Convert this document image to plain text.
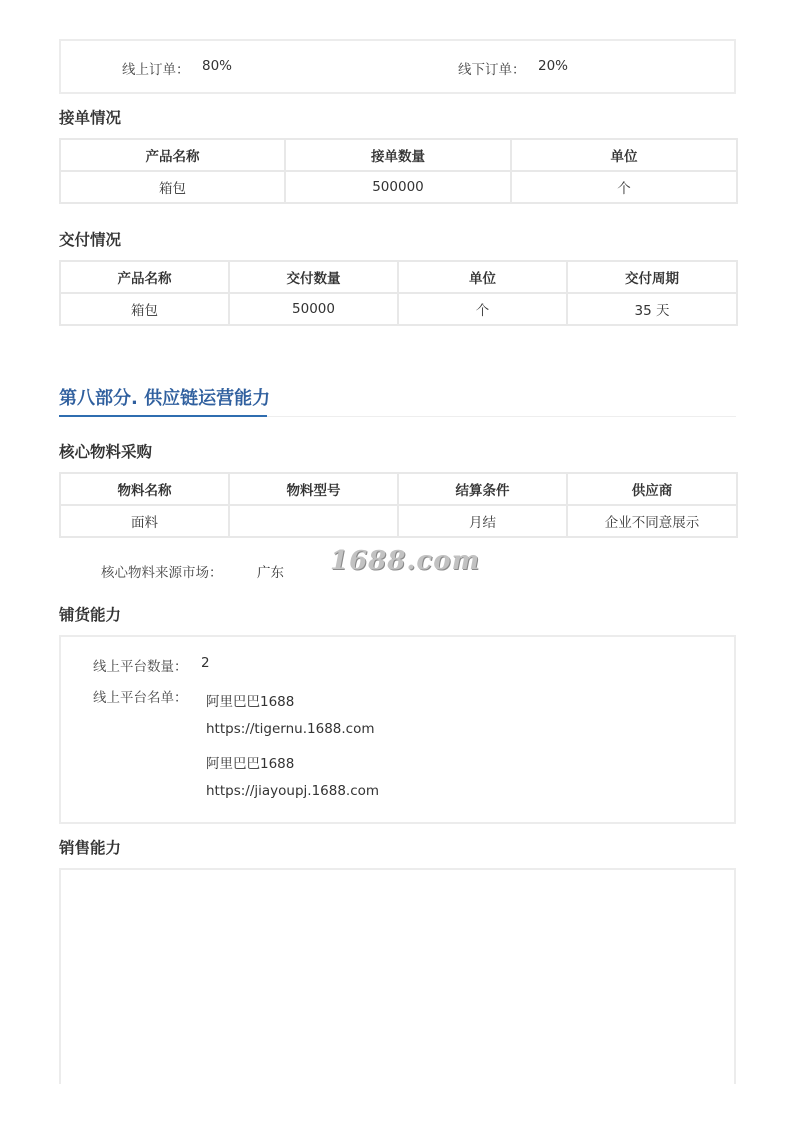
线上订单： 80%	线下订单： 20%
接单情况
产品名称	接单数量	单位
箱包	500000	个
交付情况
产品名称	交付数量	单位	交付周期
箱包	50000	个	35 天
第八部分. 供应链运营能力
核心物料采购
物料名称	物料型号	结算条件	供应商
面料		月结	企业不同意展示
核心物料来源市场：	广东 1688.com
铺货能力
线上平台数量： 2
线上平台名单： 阿里巴巴1688
https://tigernu.1688.com
阿里巴巴1688
https://jiayoupj.1688.com
销售能力
